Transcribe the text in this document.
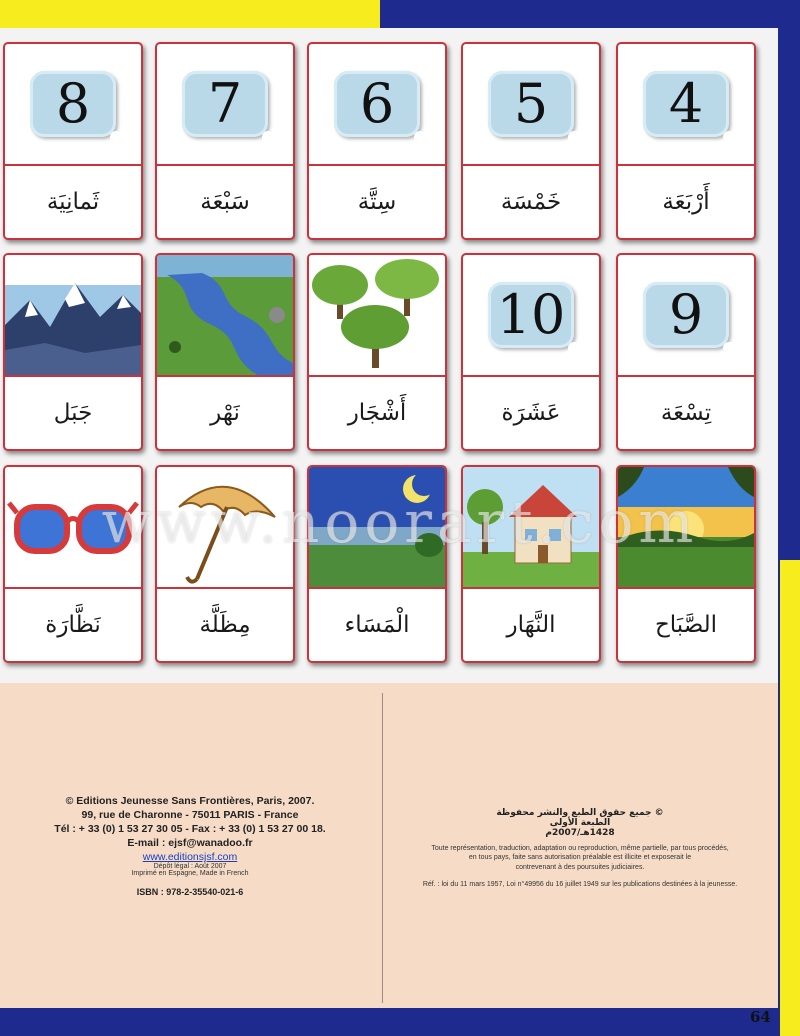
8
ثَمانِيَة
7
سَبْعَة
6
سِتَّة
5
خَمْسَة
4
أَرْبَعَة
جَبَل	نَهْر	أَشْجَار
10
عَشَرَة
9
تِسْعَة
نَظَّارَة	مِظَلَّة	الْمَسَاء	النَّهَار	الصَّبَاح
www.noorart.com
© Editions Jeunesse Sans Frontières, Paris, 2007.
99, rue de Charonne - 75011 PARIS - France
Tél : + 33 (0) 1 53 27 30 05 - Fax : + 33 (0) 1 53 27 00 18.
E-mail : ejsf@wanadoo.fr
www.editionsjsf.com
Dépôt légal : Août 2007
Imprimé en Espagne, Made in French
ISBN : 978-2-35540-021-6
© جميع حقوق الطبع والنشر محفوظة
الطبعة الأولى
1428هـ/2007م
Toute représentation, traduction, adaptation ou reproduction, même partielle, par tous procédés,
en tous pays, faite sans autorisation préalable est illicite et exposerait le
contrevenant à des poursuites judiciaires.
Réf. : loi du 11 mars 1957, Loi n°49956 du 16 juillet 1949 sur les publications destinées à la jeunesse.
64
